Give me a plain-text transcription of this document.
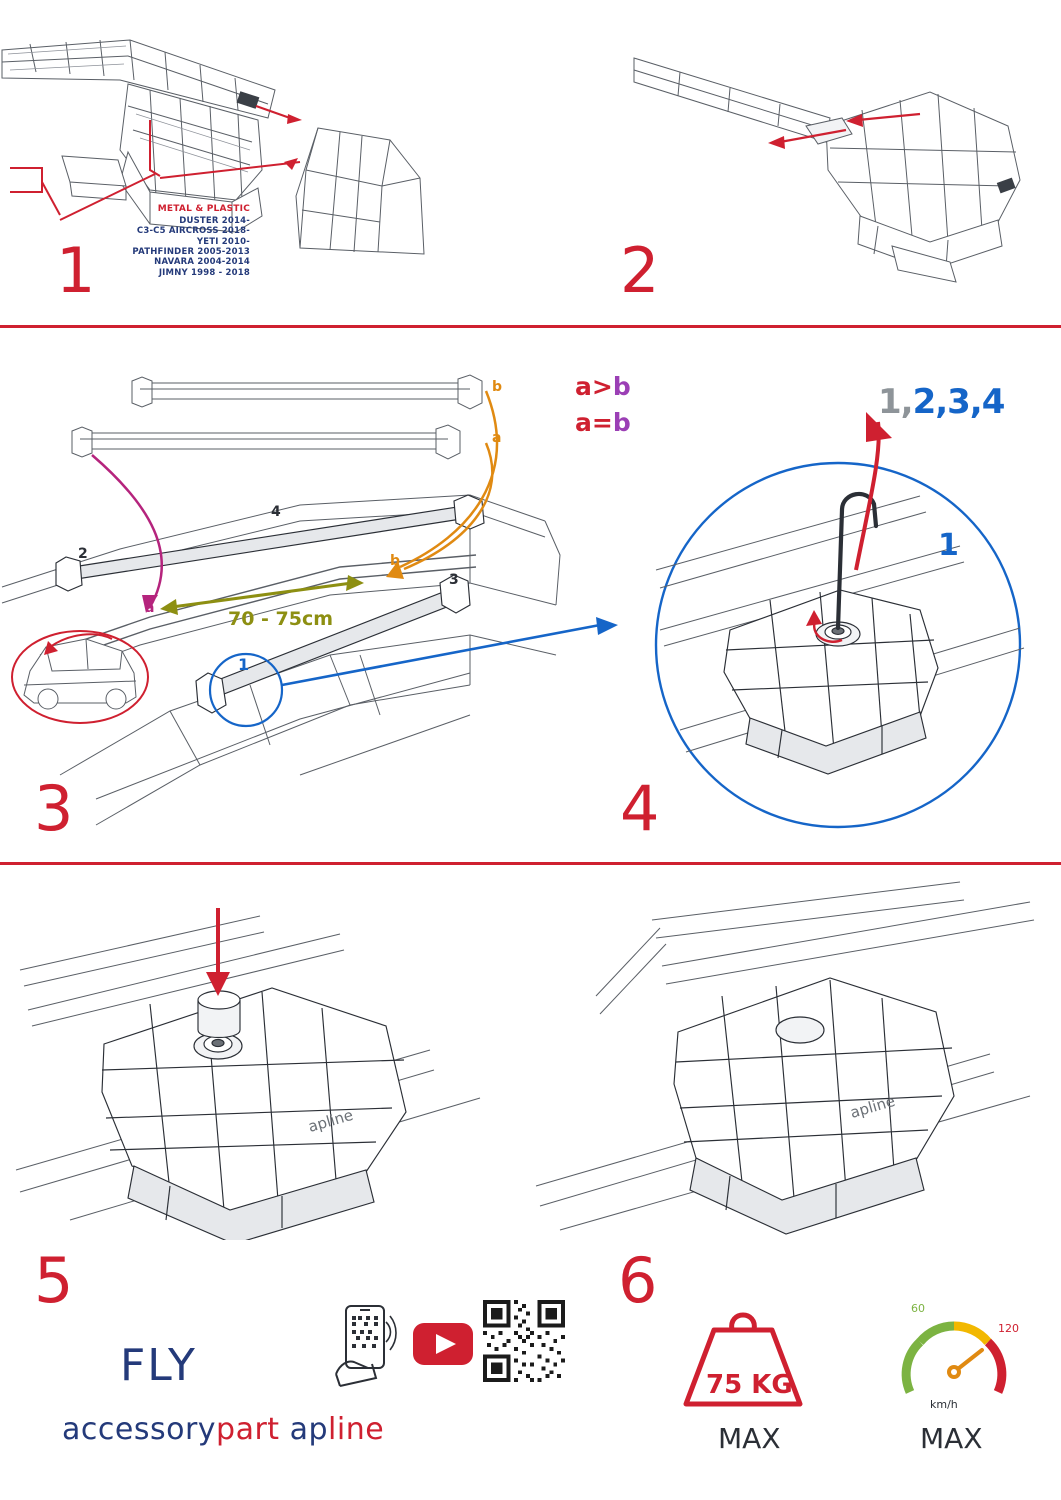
1
METAL & PLASTIC
DUSTER 2014-
C3-C5 AIRCROSS 2018-
YETI 2010-
PATHFINDER 2005-2013
NAVARA 2004-2014
JIMNY 1998 - 2018	2
a>b
a=b
b
a
b
a
2
3
4
1
70 - 75cm
3
1,2,3,4
1
4
apline	apline
5	6
FLY
accessorypart apline
75 KG
MAX
60
120
km/h
MAX
